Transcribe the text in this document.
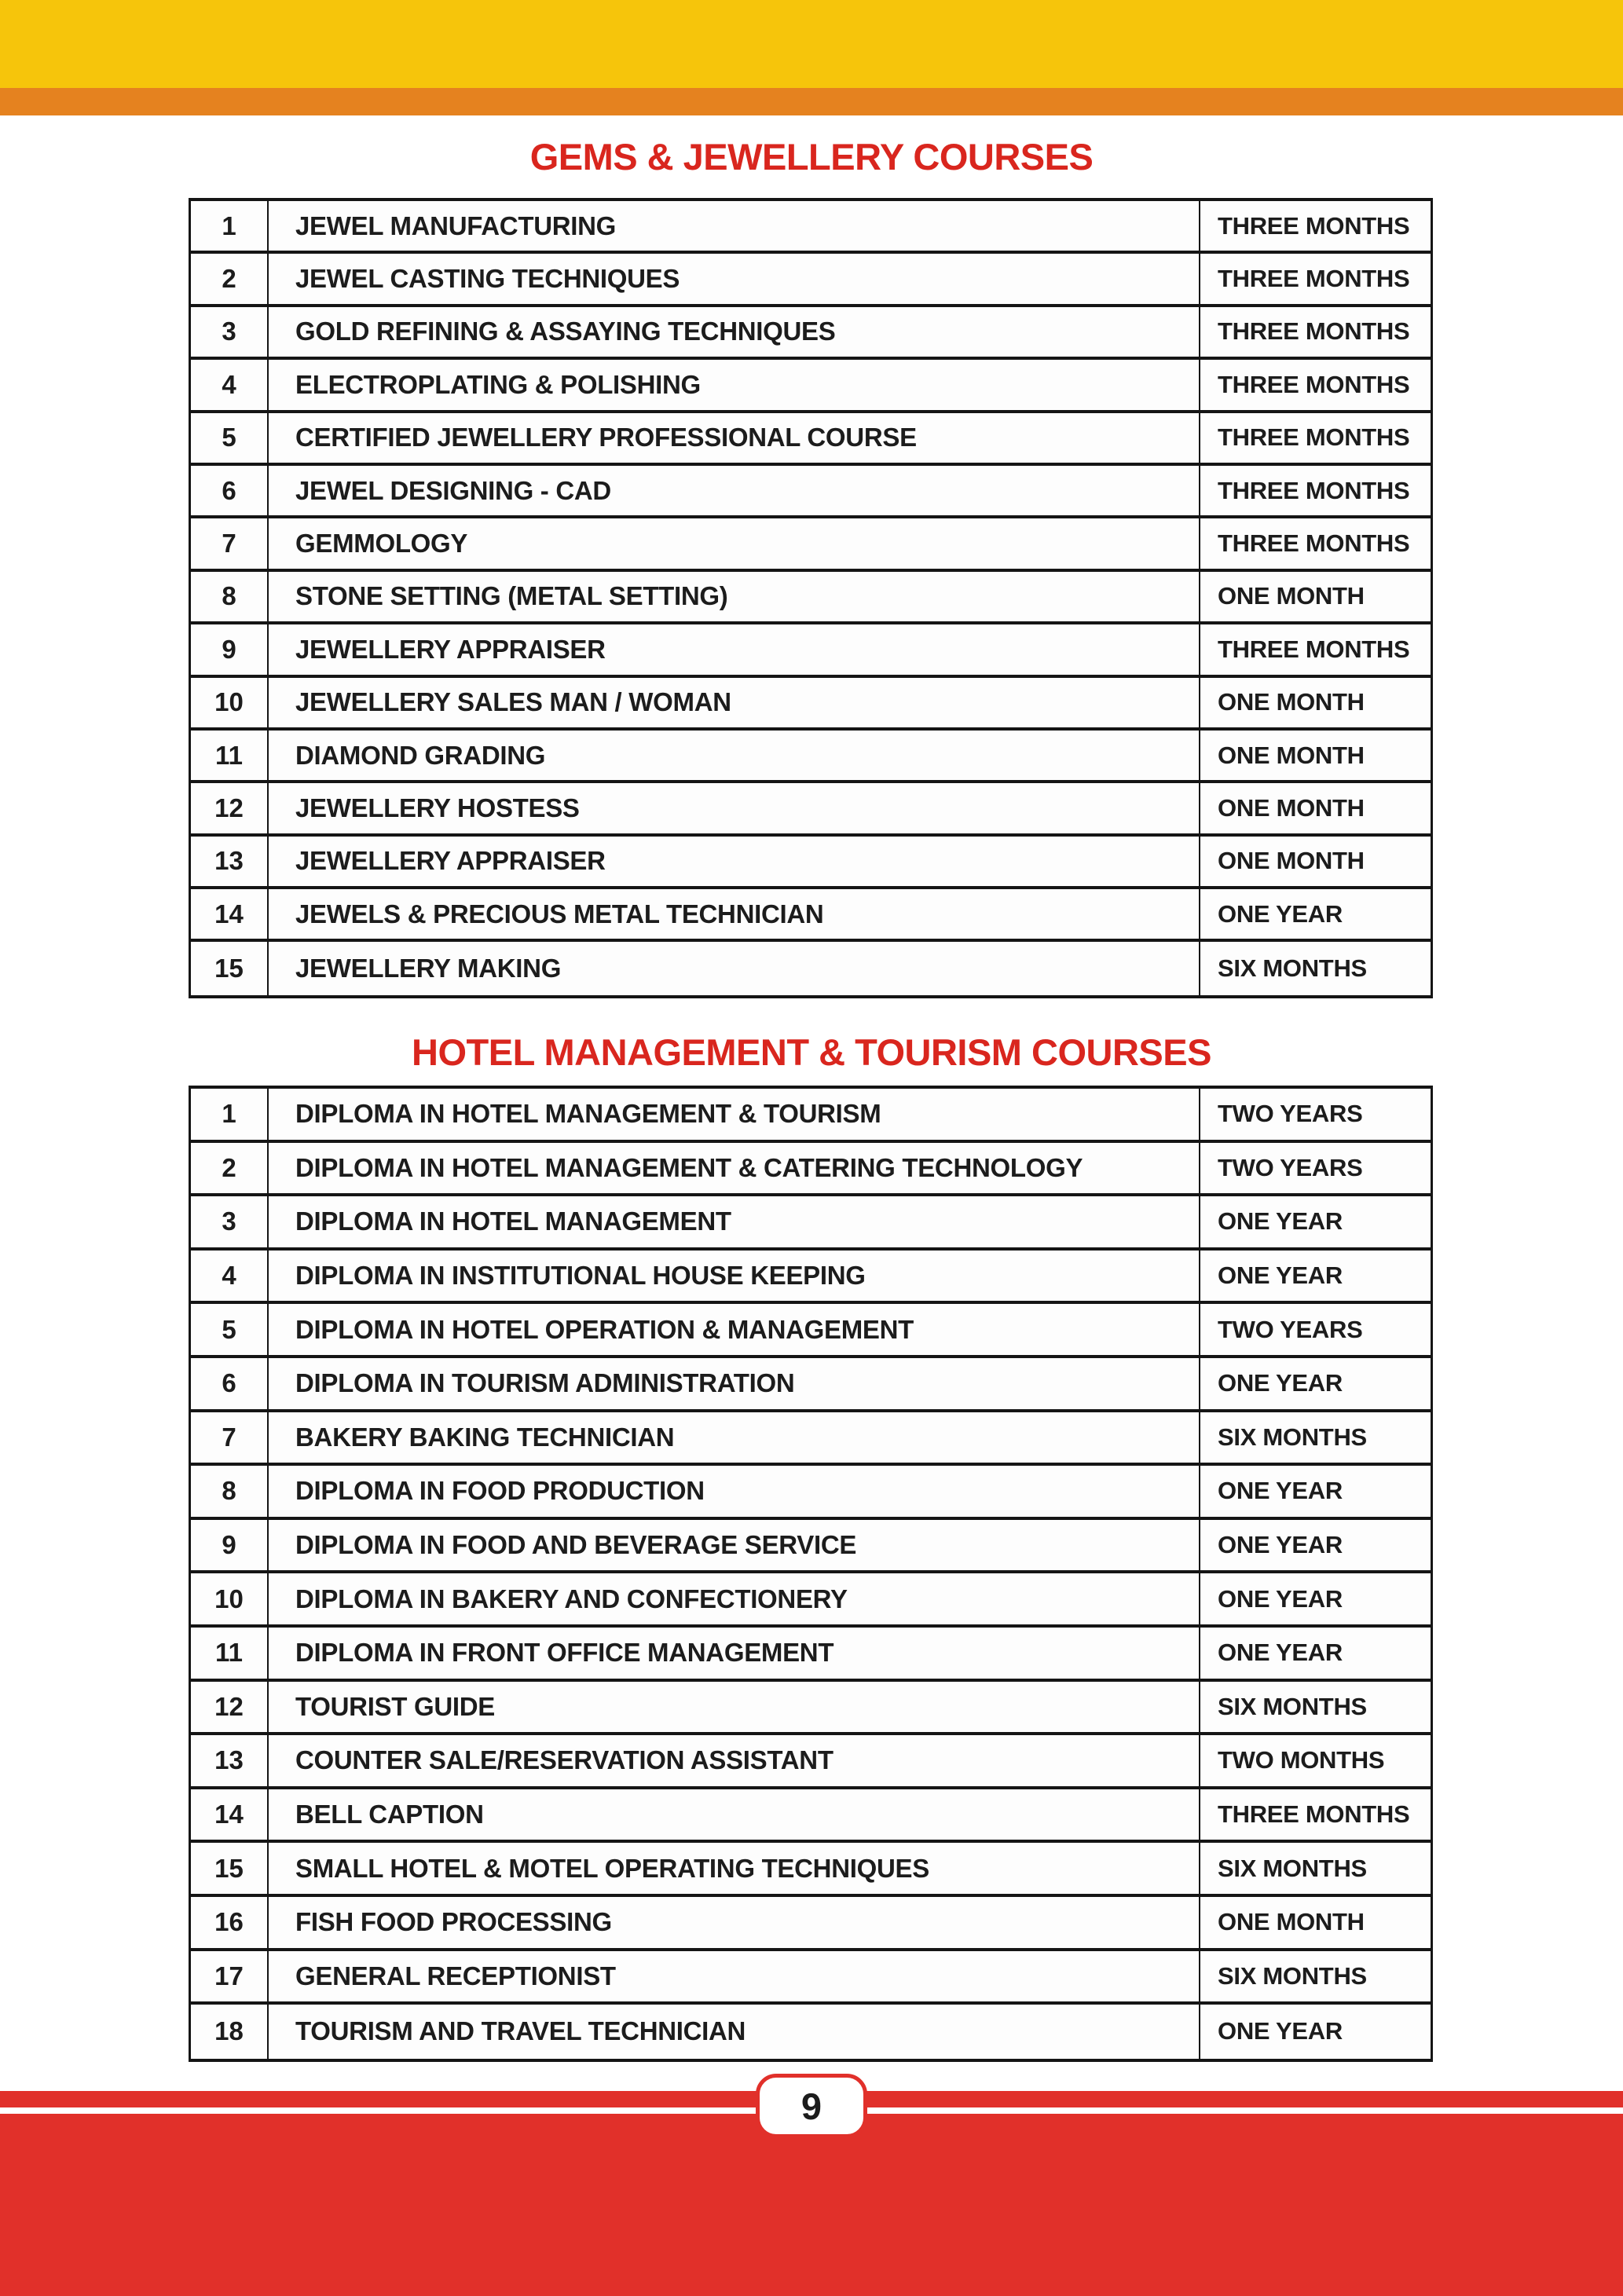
GEMS & JEWELLERY COURSES
1	JEWEL MANUFACTURING	THREE MONTHS
2	JEWEL CASTING TECHNIQUES	THREE MONTHS
3	GOLD REFINING & ASSAYING TECHNIQUES	THREE MONTHS
4	ELECTROPLATING & POLISHING	THREE MONTHS
5	CERTIFIED JEWELLERY PROFESSIONAL COURSE	THREE MONTHS
6	JEWEL DESIGNING - CAD	THREE MONTHS
7	GEMMOLOGY	THREE MONTHS
8	STONE SETTING (METAL SETTING)	ONE MONTH
9	JEWELLERY APPRAISER	THREE MONTHS
10	JEWELLERY SALES MAN / WOMAN	ONE MONTH
11	DIAMOND GRADING	ONE MONTH
12	JEWELLERY HOSTESS	ONE MONTH
13	JEWELLERY APPRAISER	ONE MONTH
14	JEWELS & PRECIOUS METAL TECHNICIAN	ONE YEAR
15	JEWELLERY MAKING	SIX MONTHS
HOTEL MANAGEMENT & TOURISM COURSES
1	DIPLOMA IN HOTEL MANAGEMENT & TOURISM	TWO YEARS
2	DIPLOMA IN HOTEL MANAGEMENT & CATERING TECHNOLOGY	TWO YEARS
3	DIPLOMA IN HOTEL MANAGEMENT	ONE YEAR
4	DIPLOMA IN INSTITUTIONAL HOUSE KEEPING	ONE YEAR
5	DIPLOMA IN HOTEL OPERATION & MANAGEMENT	TWO YEARS
6	DIPLOMA IN TOURISM ADMINISTRATION	ONE YEAR
7	BAKERY BAKING TECHNICIAN	SIX MONTHS
8	DIPLOMA IN FOOD PRODUCTION	ONE YEAR
9	DIPLOMA IN FOOD AND BEVERAGE SERVICE	ONE YEAR
10	DIPLOMA IN BAKERY AND CONFECTIONERY	ONE YEAR
11	DIPLOMA IN FRONT OFFICE MANAGEMENT	ONE YEAR
12	TOURIST GUIDE	SIX MONTHS
13	COUNTER SALE/RESERVATION ASSISTANT	TWO MONTHS
14	BELL CAPTION	THREE MONTHS
15	SMALL HOTEL & MOTEL OPERATING TECHNIQUES	SIX MONTHS
16	FISH FOOD PROCESSING	ONE MONTH
17	GENERAL RECEPTIONIST	SIX MONTHS
18	TOURISM AND TRAVEL TECHNICIAN	ONE YEAR
9
